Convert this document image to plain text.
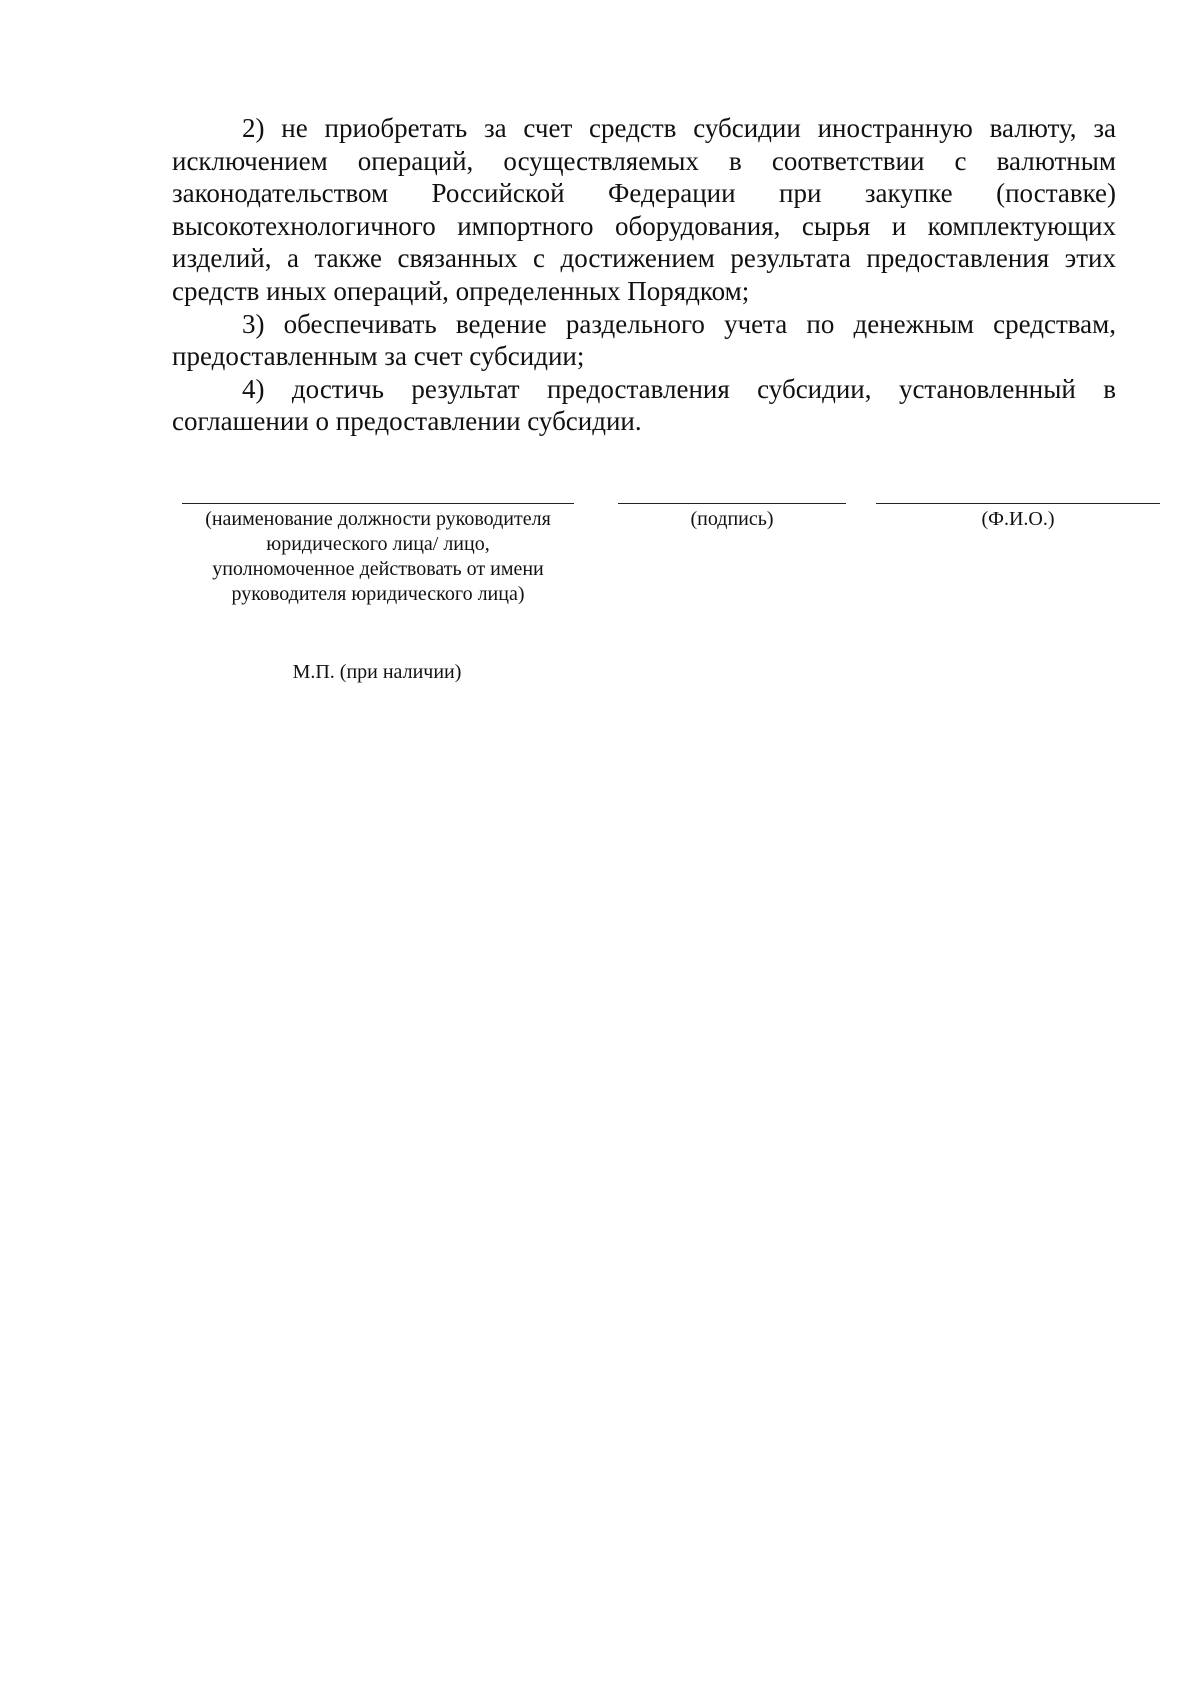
2) не приобретать за счет средств субсидии иностранную валюту, за исключением операций, осуществляемых в соответствии с валютным законодательством Российской Федерации при закупке (поставке) высокотехнологичного импортного оборудования, сырья и комплектующих изделий, а также связанных с достижением результата предоставления этих средств иных операций, определенных Порядком;

3) обеспечивать ведение раздельного учета по денежным средствам, предоставленным за счет субсидии;

4) достичь результат предоставления субсидии, установленный в соглашении о предоставлении субсидии.

(наименование должности руководителя юридического лица/ лицо, уполномоченное действовать от имени руководителя юридического лица)
(подпись)	(Ф.И.О.)
М.П. (при наличии)
